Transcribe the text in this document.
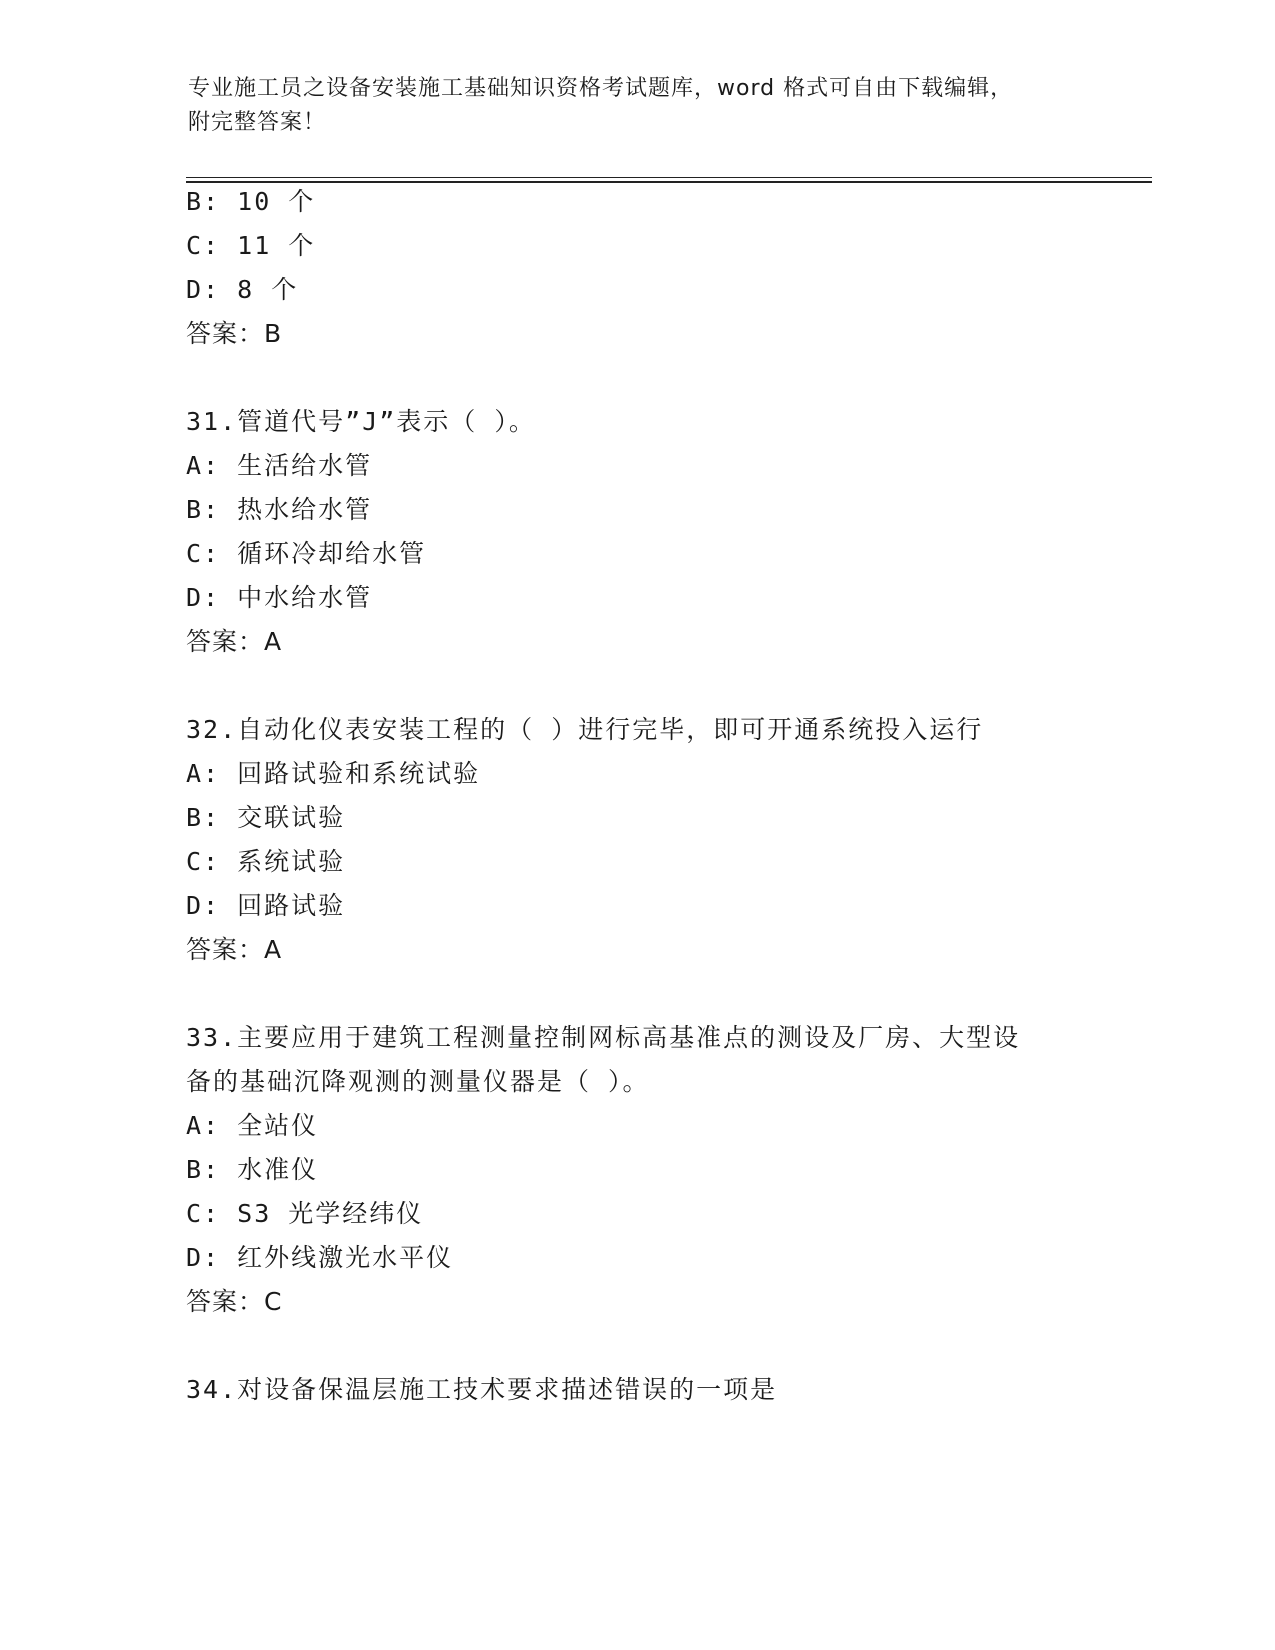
专业施工员之设备安装施工基础知识资格考试题库，word 格式可自由下载编辑，
附完整答案！
B: 10 个
C: 11 个
D: 8 个
答案：B
31.管道代号”J”表示（ ）。
A: 生活给水管
B: 热水给水管
C: 循环冷却给水管
D: 中水给水管
答案：A
32.自动化仪表安装工程的（ ）进行完毕，即可开通系统投入运行
A: 回路试验和系统试验
B: 交联试验
C: 系统试验
D: 回路试验
答案：A
33.主要应用于建筑工程测量控制网标高基准点的测设及厂房、大型设
备的基础沉降观测的测量仪器是（ ）。
A: 全站仪
B: 水准仪
C: S3 光学经纬仪
D: 红外线激光水平仪
答案：C
34.对设备保温层施工技术要求描述错误的一项是
